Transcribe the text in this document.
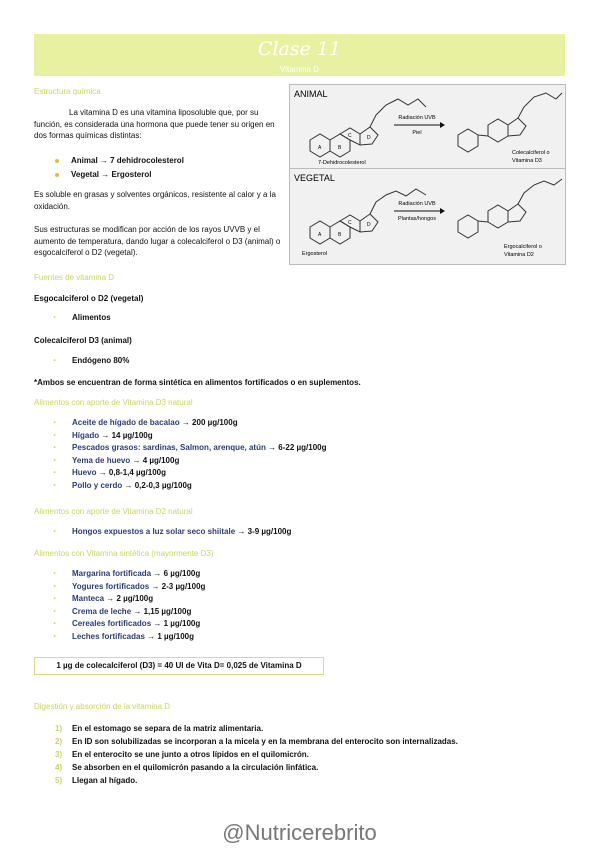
Clase 11
Vitamina D
Estructura química
La vitamina D es una vitamina liposoluble que, por su función, es considerada una hormona que puede tener su origen en dos formas químicas distintas:
Animal → 7 dehidrocolesterol
Vegetal → Ergosterol
Es soluble en grasas y solventes orgánicos, resistente al calor y a la oxidación.
Sus estructuras se modifican por acción de los rayos UVVB y el aumento de temperatura, dando lugar a colecalciferol o D3 (animal) o esgocalciferol o D2 (vegetal).
ANIMAL
A	B
C	D
Radiación UVB
Piel
7-Dehidrocolesterol
Colecalciferol o
Vitamina D3
VEGETAL
A	B
C	D
Radiación UVB
Plantas/hongos
Ergosterol
Ergocalciferol o
Vitamina D2
Fuentes de vitamina D
Esgocalciferol o D2 (vegetal)
· Alimentos
Colecalciferol D3 (animal)
· Endógeno 80%
*Ambos se encuentran de forma sintética en alimentos fortificados o en suplementos.
Alimentos con aporte de Vitamina D3 natural
· Aceite de hígado de bacalao → 200 µg/100g
· Hígado → 14 µg/100g
· Pescados grasos: sardinas, Salmon, arenque, atún → 6-22 µg/100g
· Yema de huevo → 4 µg/100g
· Huevo → 0,8-1,4 µg/100g
· Pollo y cerdo → 0,2-0,3 µg/100g
Alimentos con aporte de Vitamina D2 natural
· Hongos expuestos a luz solar seco shiitale → 3-9 µg/100g
Alimentos con Vitamina sintética (mayormente D3)
· Margarina fortificada → 6 µg/100g
· Yogures fortificados → 2-3 µg/100g
· Manteca → 2 µg/100g
· Crema de leche → 1,15 µg/100g
· Cereales fortificados → 1 µg/100g
· Leches fortificadas → 1 µg/100g
1 µg de colecalciferol (D3) = 40 UI de Vita D= 0,025 de Vitamina D
Digestión y absorción de la vitamina D
1) En el estomago se separa de la matriz alimentaria.
2) En ID son solubilizadas se incorporan a la micela y en la membrana del enterocito son internalizadas.
3) En el enterocito se une junto a otros lípidos en el quilomicrón.
4) Se absorben en el quilomicrón pasando a la circulación linfática.
5) Llegan al hígado.
@Nutricerebrito
